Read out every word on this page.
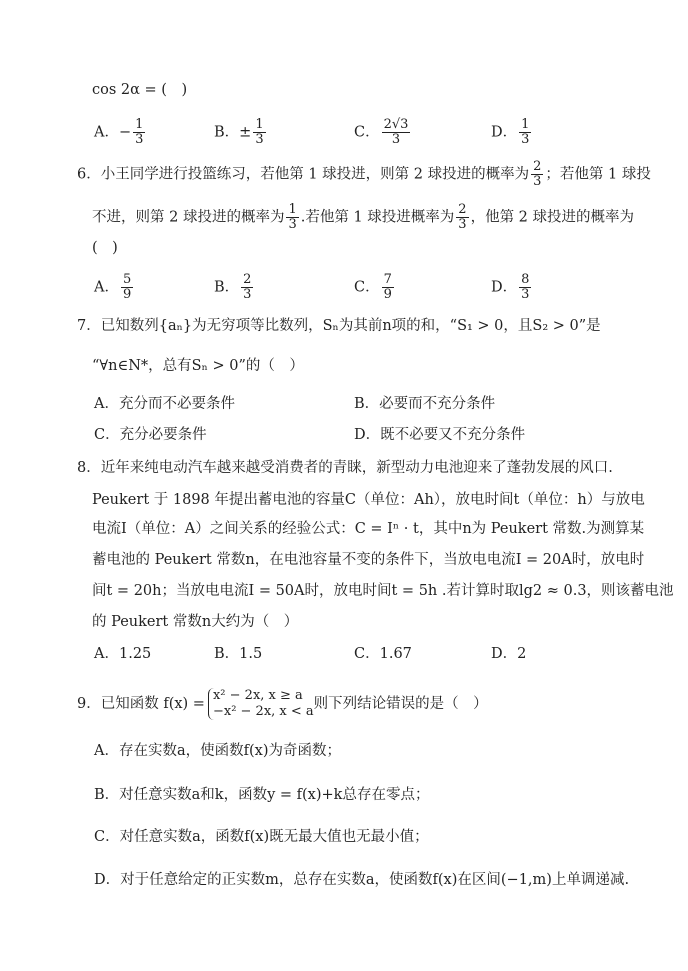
cos 2α = (　)
A．− $\frac{1}{3}$	B．± $\frac{1}{3}$	C． $\frac{2√3}{3}$	D． $\frac{1}{3}$
6．小王同学进行投篮练习，若他第 1 球投进，则第 2 球投进的概率为 $\frac{2}{3}$ ；若他第 1 球投
不进，则第 2 球投进的概率为 $\frac{1}{3}$ .若他第 1 球投进概率为 $\frac{2}{3}$ ，他第 2 球投进的概率为
(　)
A． $\frac{5}{9}$	B． $\frac{2}{3}$	C． $\frac{7}{9}$	D． $\frac{8}{3}$
7．已知数列{aₙ}为无穷项等比数列，Sₙ为其前n项的和，“S₁ > 0，且S₂ > 0”是
“∀n∈N*，总有Sₙ > 0”的（　）
A．充分而不必要条件	B．必要而不充分条件
C．充分必要条件	D．既不必要又不充分条件
8．近年来纯电动汽车越来越受消费者的青睐，新型动力电池迎来了蓬勃发展的风口.
Peukert 于 1898 年提出蓄电池的容量C（单位：Ah），放电时间t（单位：h）与放电
电流I（单位：A）之间关系的经验公式：C = Iⁿ · t，其中n为 Peukert 常数.为测算某
蓄电池的 Peukert 常数n，在电池容量不变的条件下，当放电电流I = 20A时，放电时
间t = 20h；当放电电流I = 50A时，放电时间t = 5h .若计算时取lg2 ≈ 0.3，则该蓄电池
的 Peukert 常数n大约为（　）
A．1.25	B．1.5	C．1.67	D．2
9．已知函数 f(x) =
x² − 2x, x ≥ a
−x² − 2x, x < a 则下列结论错误的是（　）
A．存在实数a，使函数f(x)为奇函数；
B．对任意实数a和k，函数y = f(x)+k总存在零点；
C．对任意实数a，函数f(x)既无最大值也无最小值；
D．对于任意给定的正实数m，总存在实数a，使函数f(x)在区间(−1,m)上单调递减.
